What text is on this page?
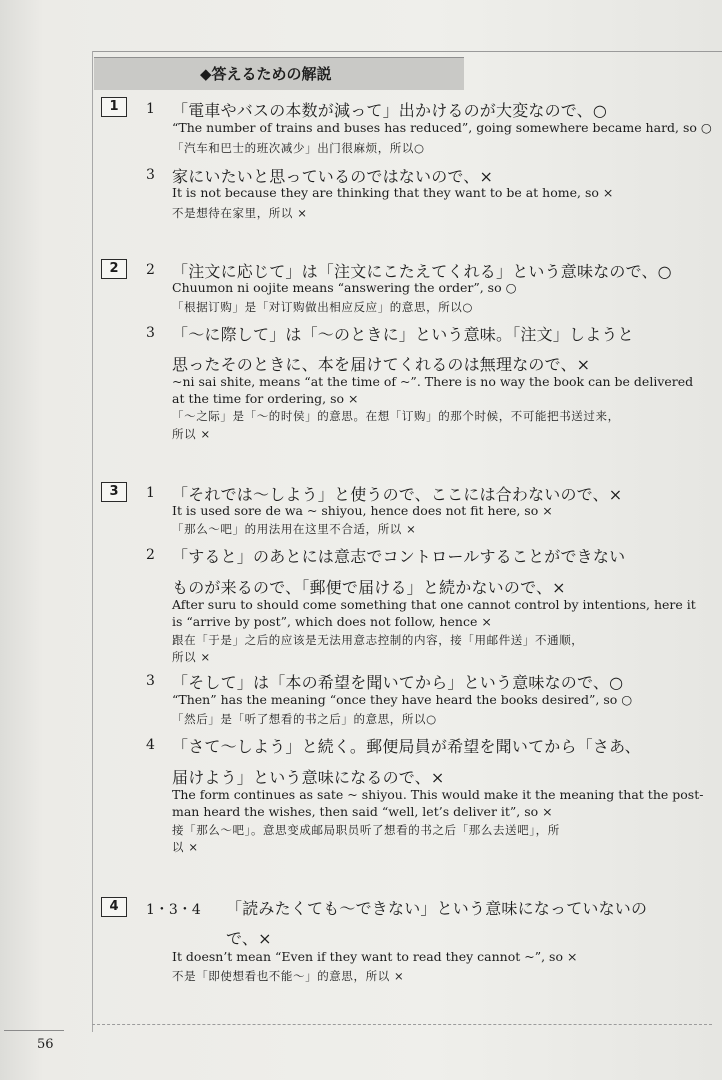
◆答えるための解説
1	1 「電車やバスの本数が減って」出かけるのが大変なので、○
“The number of trains and buses has reduced”, going somewhere became hard, so ○
「汽车和巴士的班次减少」出门很麻烦，所以○
3 家にいたいと思っているのではないので、×
It is not because they are thinking that they want to be at home, so ×
不是想待在家里，所以 ×
2	2 「注文に応じて」は「注文にこたえてくれる」という意味なので、○
Chuumon ni oojite means “answering the order”, so ○
「根据订购」是「对订购做出相应反应」的意思，所以○
3 「～に際して」は「～のときに」という意味。「注文」しようと
思ったそのときに、本を届けてくれるのは無理なので、×
~ni sai shite, means “at the time of ~”. There is no way the book can be delivered
at the time for ordering, so ×
「～之际」是「～的时侯」的意思。在想「订购」的那个时候，不可能把书送过来，
所以 ×
3	1 「それでは～しよう」と使うので、ここには合わないので、×
It is used sore de wa ~ shiyou, hence does not fit here, so ×
「那么～吧」的用法用在这里不合适，所以 ×
2 「すると」のあとには意志でコントロールすることができない
ものが来るので、「郵便で届ける」と続かないので、×
After suru to should come something that one cannot control by intentions, here it
is “arrive by post”, which does not follow, hence ×
跟在「于是」之后的应该是无法用意志控制的内容，接「用邮件送」不通顺，
所以 ×
3 「そして」は「本の希望を聞いてから」という意味なので、○
“Then” has the meaning “once they have heard the books desired”, so ○
「然后」是「听了想看的书之后」的意思，所以○
4 「さて～しよう」と続く。郵便局員が希望を聞いてから「さあ、
届けよう」という意味になるので、×
The form continues as sate ~ shiyou. This would make it the meaning that the post-
man heard the wishes, then said “well, let’s deliver it”, so ×
接「那么～吧」。意思变成邮局职员听了想看的书之后「那么去送吧」，所
以 ×
4	1・3・4 「読みたくても～できない」という意味になっていないの
で、×
It doesn’t mean “Even if they want to read they cannot ~”, so ×
不是「即使想看也不能～」的意思，所以 ×
56
